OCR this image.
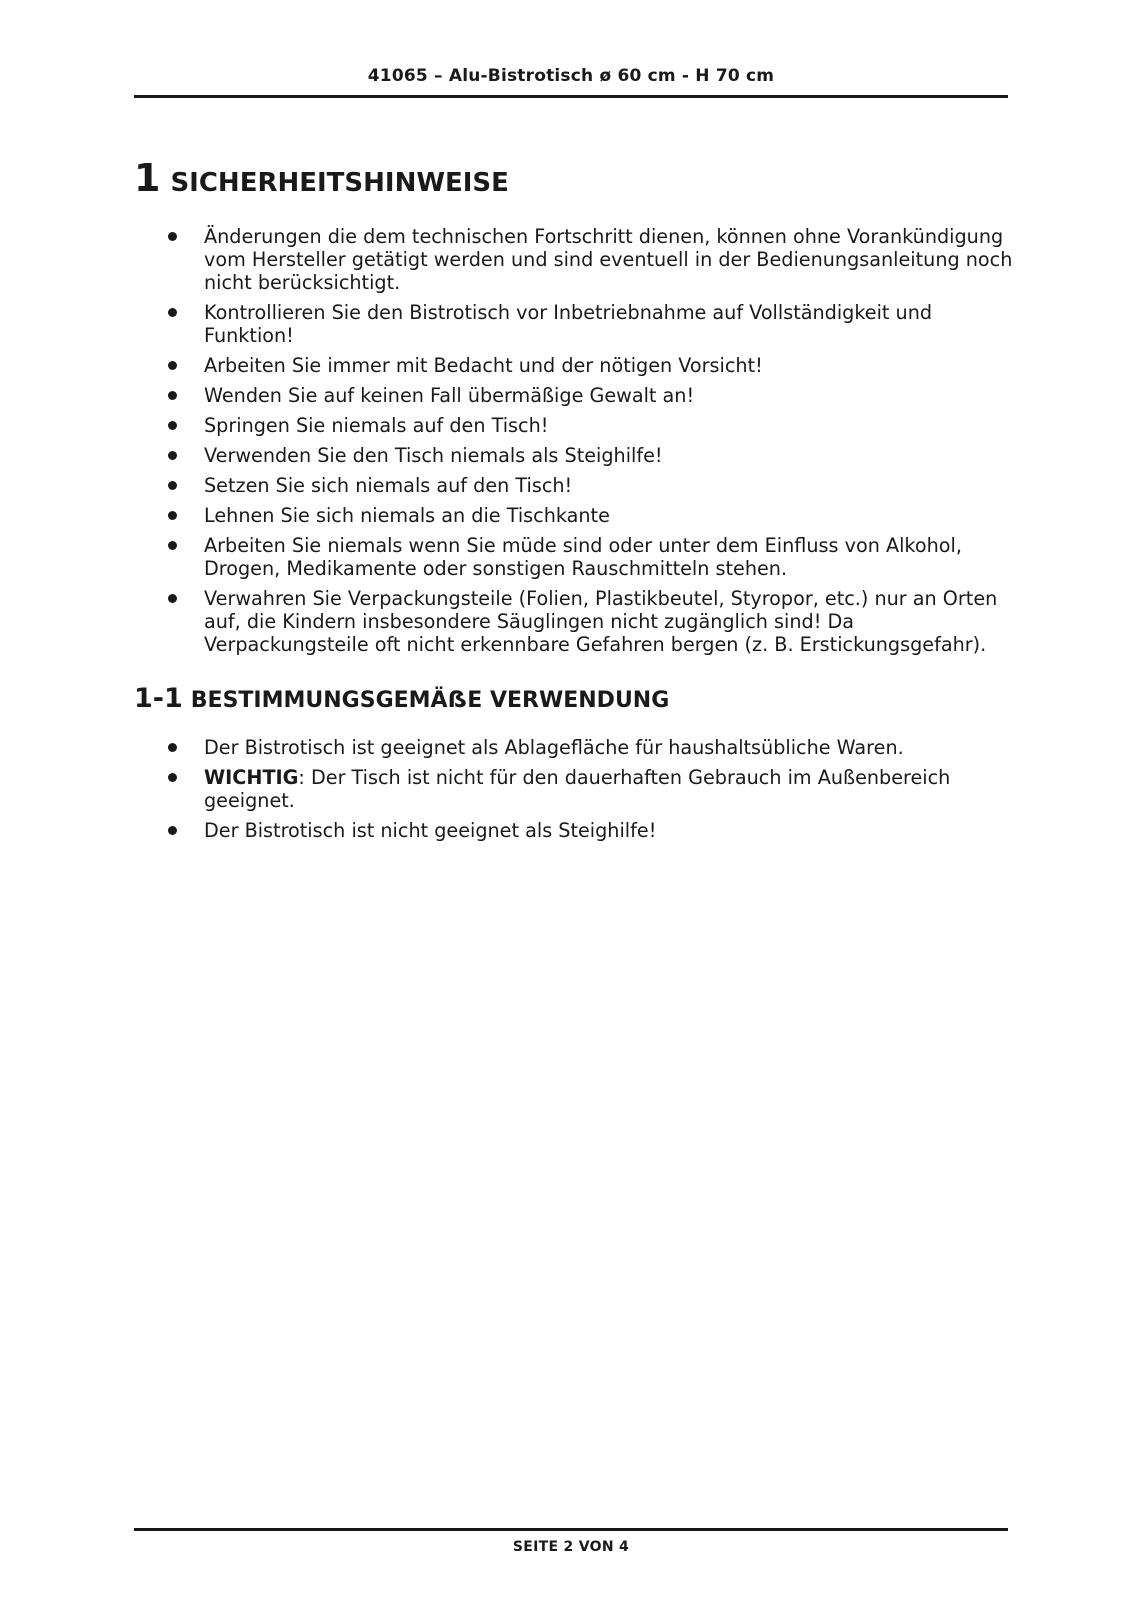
41065 – Alu-Bistrotisch ø 60 cm - H 70 cm
1 SICHERHEITSHINWEISE
Änderungen die dem technischen Fortschritt dienen, können ohne Vorankündigung vom Hersteller getätigt werden und sind eventuell in der Bedienungsanleitung noch nicht berücksichtigt.
Kontrollieren Sie den Bistrotisch vor Inbetriebnahme auf Vollständigkeit und Funktion!
Arbeiten Sie immer mit Bedacht und der nötigen Vorsicht!
Wenden Sie auf keinen Fall übermäßige Gewalt an!
Springen Sie niemals auf den Tisch!
Verwenden Sie den Tisch niemals als Steighilfe!
Setzen Sie sich niemals auf den Tisch!
Lehnen Sie sich niemals an die Tischkante
Arbeiten Sie niemals wenn Sie müde sind oder unter dem Einfluss von Alkohol, Drogen, Medikamente oder sonstigen Rauschmitteln stehen.
Verwahren Sie Verpackungsteile (Folien, Plastikbeutel, Styropor, etc.) nur an Orten auf, die Kindern insbesondere Säuglingen nicht zugänglich sind! Da Verpackungsteile oft nicht erkennbare Gefahren bergen (z. B. Erstickungsgefahr).
1-1 BESTIMMUNGSGEMÄẞE VERWENDUNG
Der Bistrotisch ist geeignet als Ablagefläche für haushaltsübliche Waren.
WICHTIG: Der Tisch ist nicht für den dauerhaften Gebrauch im Außenbereich geeignet.
Der Bistrotisch ist nicht geeignet als Steighilfe!
SEITE 2 VON 4
